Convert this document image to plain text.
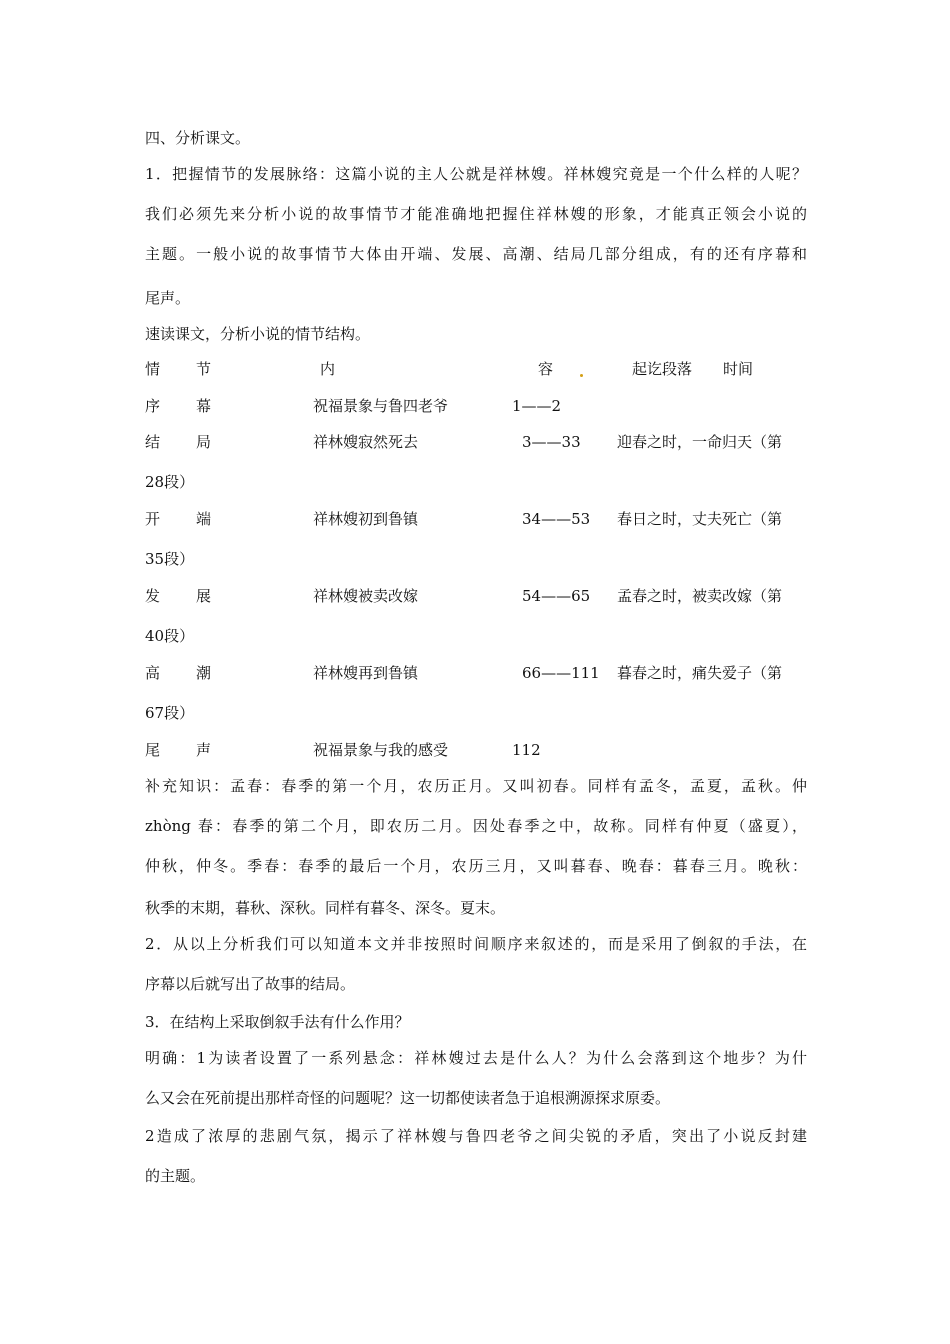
四、分析课文。
1．把握情节的发展脉络：这篇小说的主人公就是祥林嫂。祥林嫂究竟是一个什么样的人呢？
我们必须先来分析小说的故事情节才能准确地把握住祥林嫂的形象，才能真正领会小说的
主题。一般小说的故事情节大体由开端、发展、高潮、结局几部分组成，有的还有序幕和
尾声。
速读课文，分析小说的情节结构。
情 节	内	容	起讫段落 时间
序 幕	祝福景象与鲁四老爷	1——2
结 局	祥林嫂寂然死去	3——33 迎春之时，一命归天（第
28段）
开 端	祥林嫂初到鲁镇	34——53 春日之时，丈夫死亡（第
35段）
发 展	祥林嫂被卖改嫁	54——65 孟春之时，被卖改嫁（第
40段）
高 潮	祥林嫂再到鲁镇	66——111 暮春之时，痛失爱子（第
67段）
尾 声	祝福景象与我的感受	112
补充知识：孟春：春季的第一个月，农历正月。又叫初春。同样有孟冬，孟夏，孟秋。仲
zhòng 春：春季的第二个月，即农历二月。因处春季之中，故称。同样有仲夏（盛夏），
仲秋，仲冬。季春：春季的最后一个月，农历三月，又叫暮春、晚春：暮春三月。晚秋：
秋季的末期，暮秋、深秋。同样有暮冬、深冬。夏末。
2．从以上分析我们可以知道本文并非按照时间顺序来叙述的，而是采用了倒叙的手法，在
序幕以后就写出了故事的结局。
3．在结构上采取倒叙手法有什么作用？
明确：1为读者设置了一系列悬念：祥林嫂过去是什么人？为什么会落到这个地步？为什
么又会在死前提出那样奇怪的问题呢？这一切都使读者急于追根溯源探求原委。
2造成了浓厚的悲剧气氛，揭示了祥林嫂与鲁四老爷之间尖锐的矛盾，突出了小说反封建
的主题。
